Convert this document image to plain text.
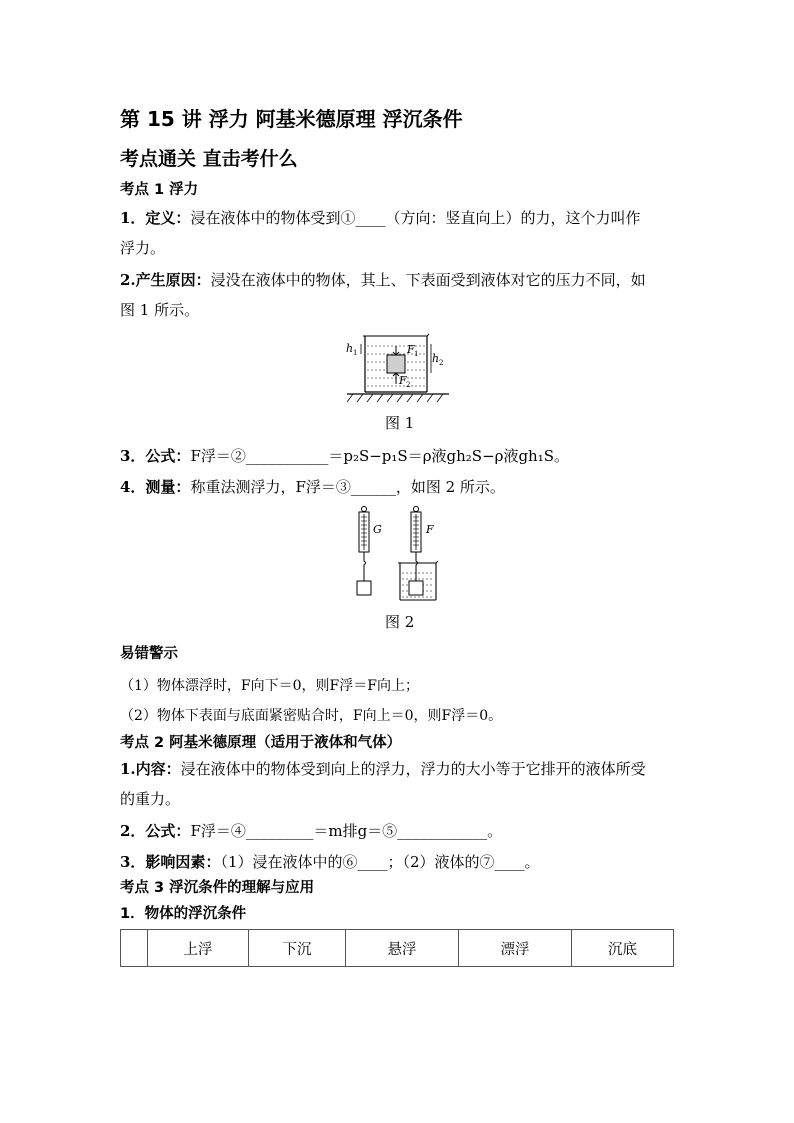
第 15 讲 浮力 阿基米德原理 浮沉条件
考点通关 直击考什么
考点 1 浮力
1．定义：浸在液体中的物体受到①____（方向：竖直向上）的力，这个力叫作
浮力。
2.产生原因：浸没在液体中的物体，其上、下表面受到液体对它的压力不同，如
图 1 所示。
h 1	h 2
F 1
F 2
图 1
3．公式：F浮＝②___________＝p₂S−p₁S＝ρ液gh₂S−ρ液gh₁S。
4．测量：称重法测浮力，F浮＝③______，如图 2 所示。
G	F
图 2
易错警示
（1）物体漂浮时，F向下＝0，则F浮＝F向上；
（2）物体下表面与底面紧密贴合时，F向上＝0，则F浮＝0。
考点 2 阿基米德原理（适用于液体和气体）
1.内容：浸在液体中的物体受到向上的浮力，浮力的大小等于它排开的液体所受
的重力。
2．公式：F浮＝④_________＝m排g＝⑤____________。
3．影响因素：（1）浸在液体中的⑥____；（2）液体的⑦____。
考点 3 浮沉条件的理解与应用
1．物体的浮沉条件
	上浮	下沉	悬浮	漂浮	沉底
